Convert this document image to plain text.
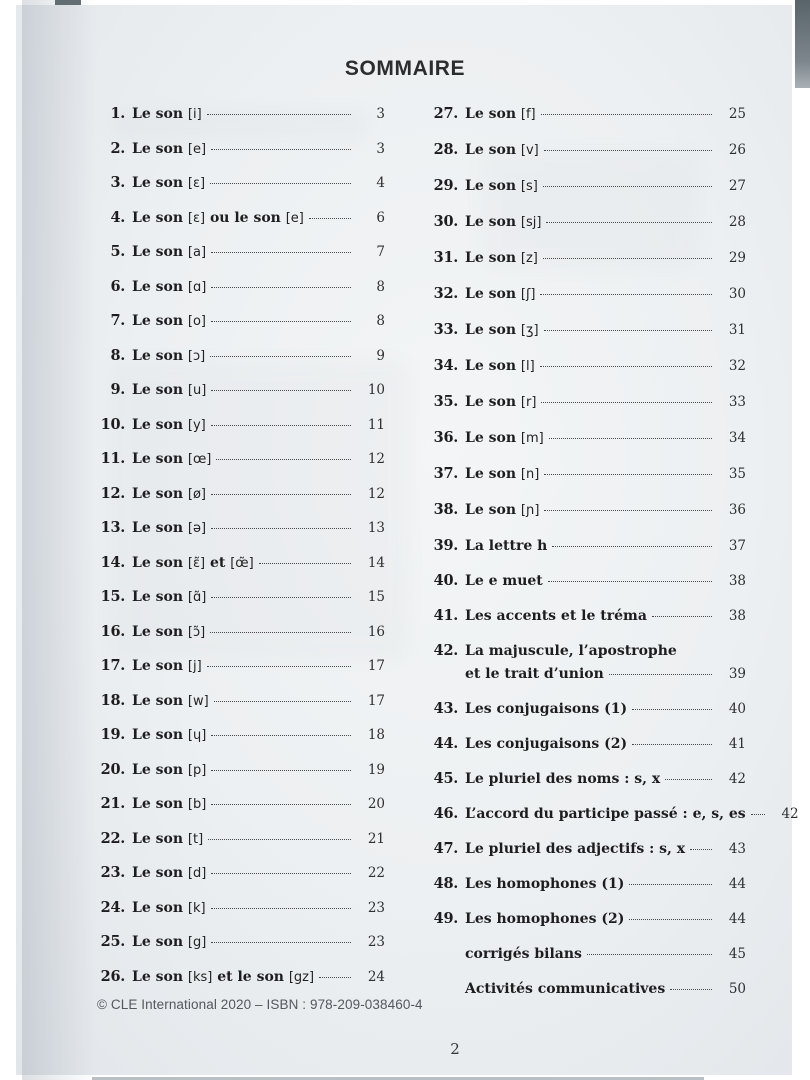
SOMMAIRE
1. Le son [i]	3
2. Le son [e]	3
3. Le son [ɛ]	4
4. Le son [ɛ] ou le son [e]	6
5. Le son [a]	7
6. Le son [ɑ]	8
7. Le son [o]	8
8. Le son [ɔ]	9
9. Le son [u]	10
10. Le son [y]	11
11. Le son [œ]	12
12. Le son [ø]	12
13. Le son [ə]	13
14. Le son [ɛ̃] et [œ̃]	14
15. Le son [ɑ̃]	15
16. Le son [ɔ̃]	16
17. Le son [j]	17
18. Le son [w]	17
19. Le son [ɥ]	18
20. Le son [p]	19
21. Le son [b]	20
22. Le son [t]	21
23. Le son [d]	22
24. Le son [k]	23
25. Le son [g]	23
26. Le son [ks] et le son [gz]	24
27. Le son [f]	25
28. Le son [v]	26
29. Le son [s]	27
30. Le son [sj]	28
31. Le son [z]	29
32. Le son [ʃ]	30
33. Le son [ʒ]	31
34. Le son [l]	32
35. Le son [r]	33
36. Le son [m]	34
37. Le son [n]	35
38. Le son [ɲ]	36
39. La lettre h	37
40. Le e muet	38
41. Les accents et le tréma	38
42. La majuscule, l’apostrophe
et le trait d’union	39
43. Les conjugaisons (1)	40
44. Les conjugaisons (2)	41
45. Le pluriel des noms : s, x	42
46. L’accord du participe passé : e, s, es	42
47. Le pluriel des adjectifs : s, x	43
48. Les homophones (1)	44
49. Les homophones (2)	44
corrigés bilans	45
Activités communicatives	50
© CLE International 2020 – ISBN : 978-209-038460-4
2
